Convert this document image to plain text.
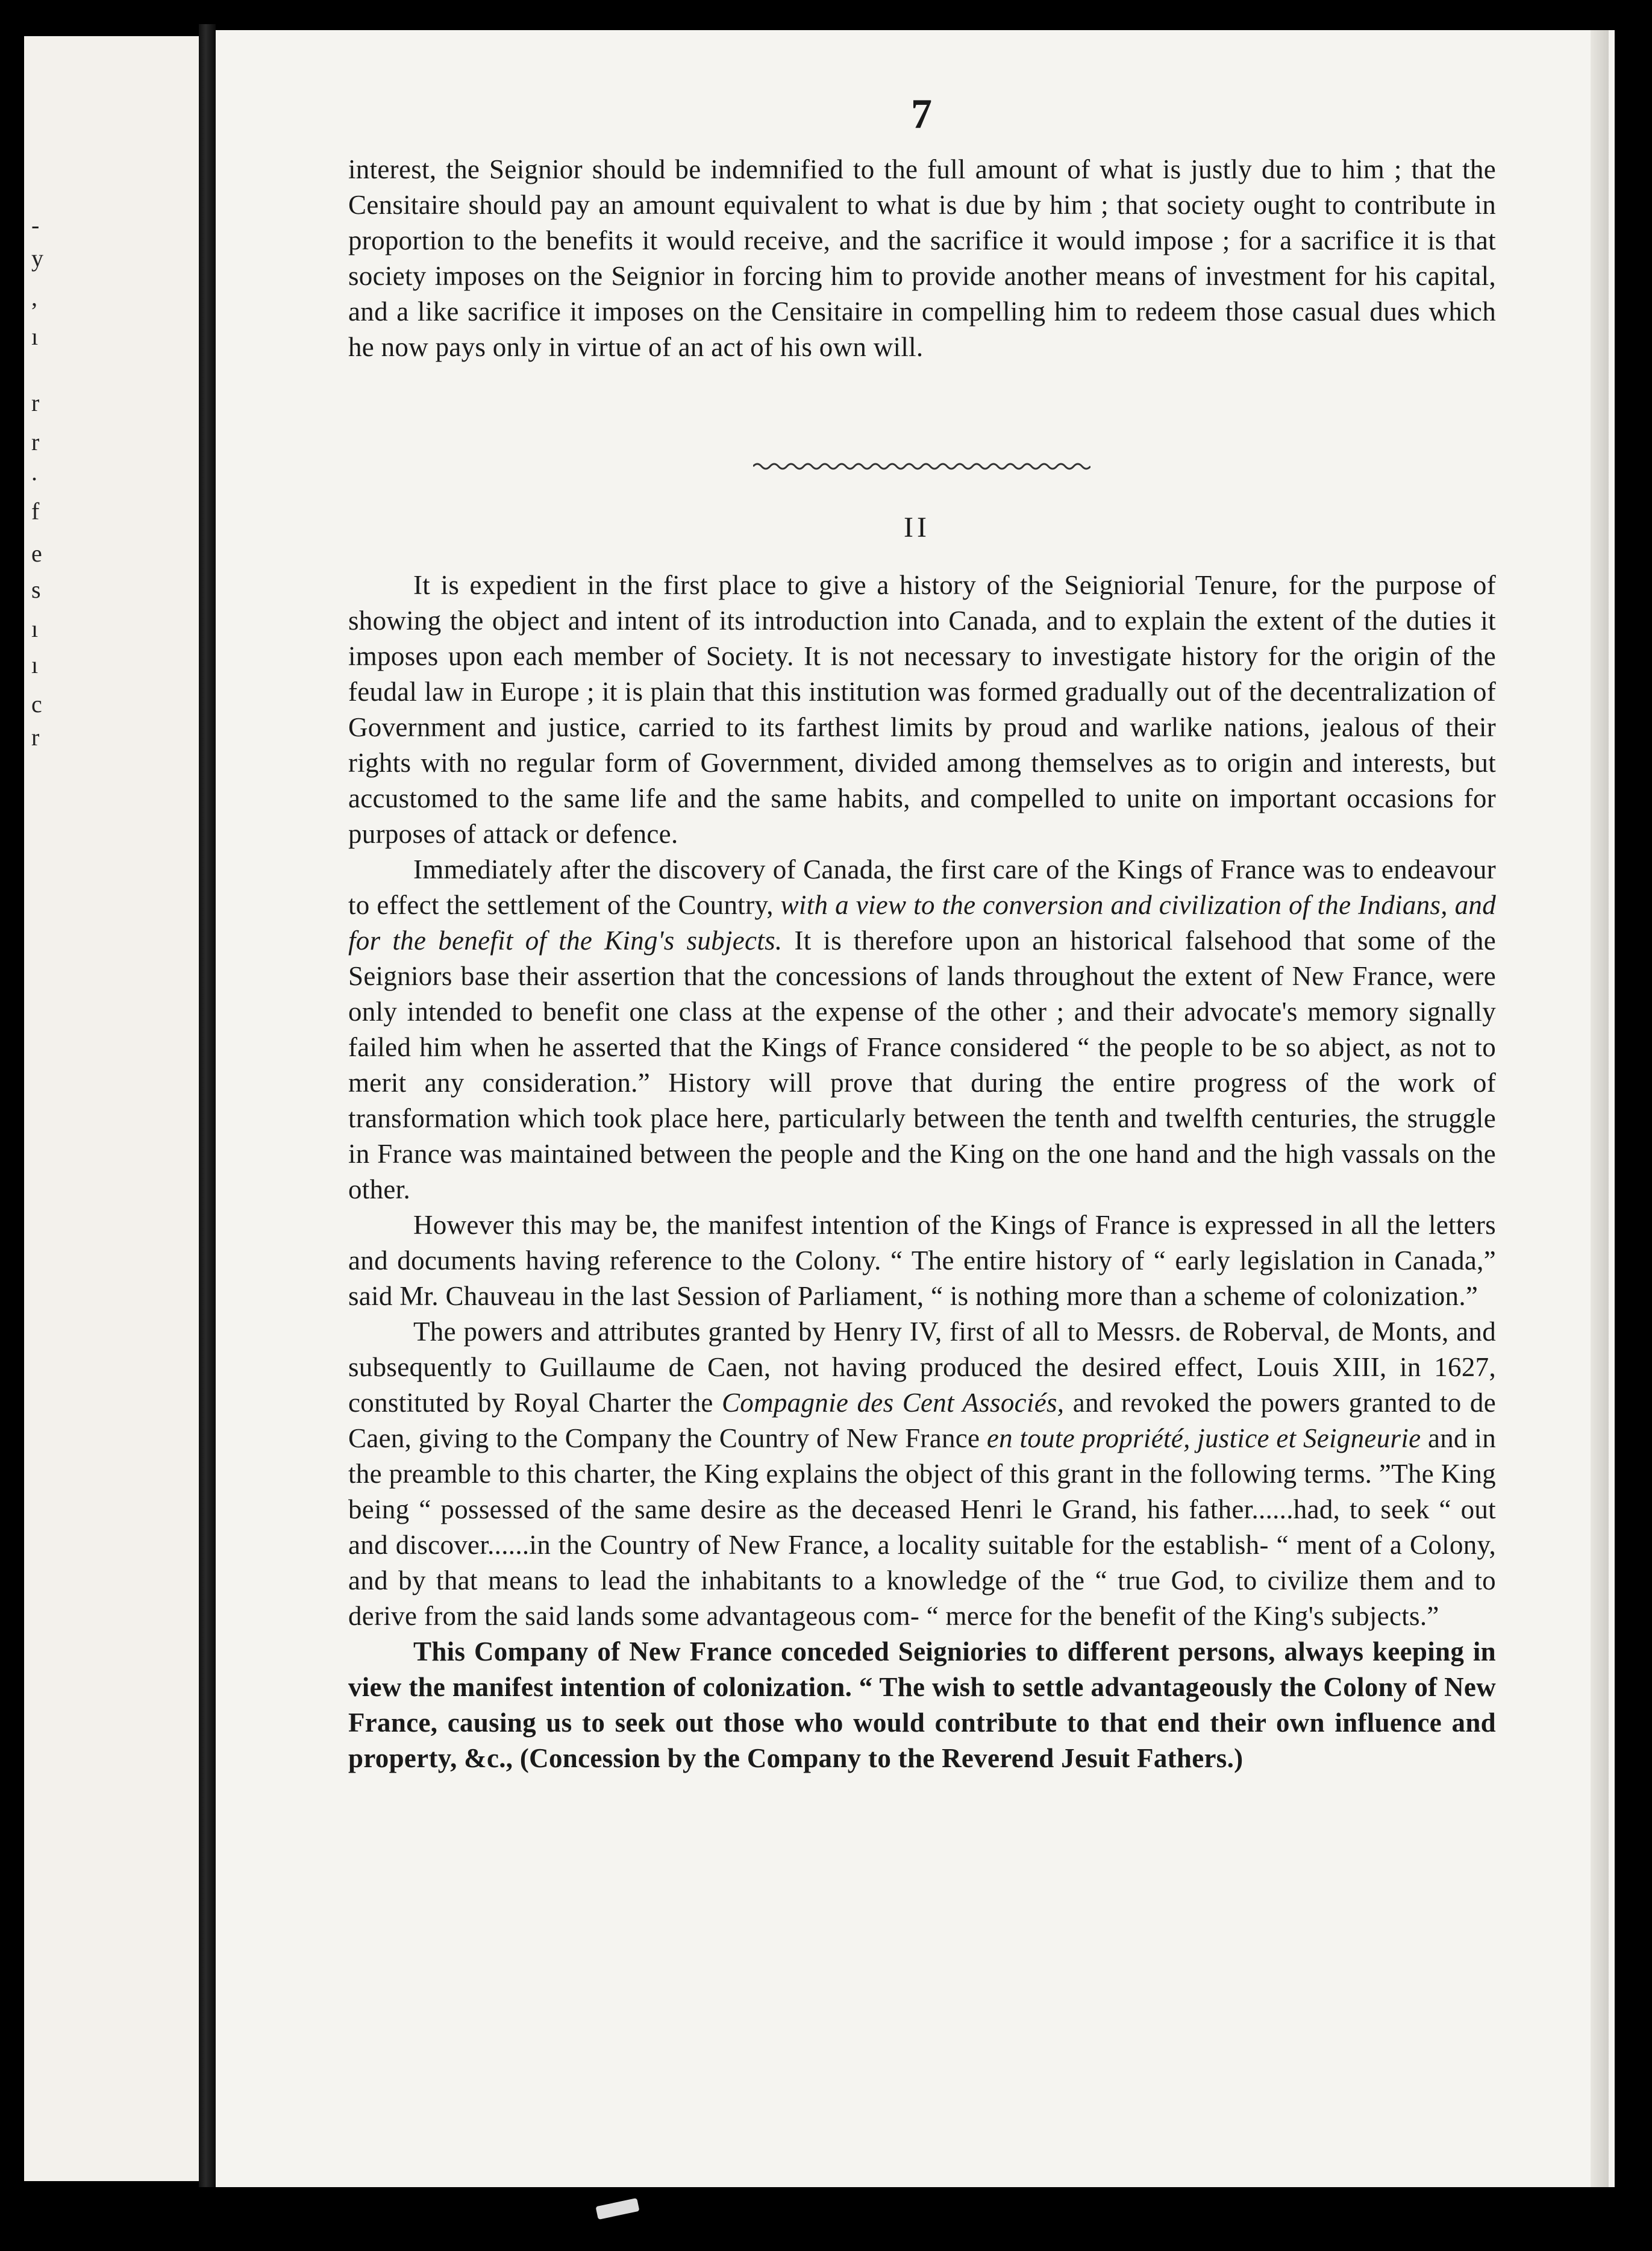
-
y
,
ı
r
r
.
f
e
s
ı
ı
c
r
7

interest, the Seignior should be indemnified to the full amount of what is justly due to him ; that the Censitaire should pay an amount equivalent to what is due by him ; that society ought to contribute in proportion to the benefits it would receive, and the sacrifice it would impose ; for a sacrifice it is that society imposes on the Seignior in forcing him to provide another means of investment for his capital, and a like sacrifice it imposes on the Censitaire in compelling him to redeem those casual dues which he now pays only in virtue of an act of his own will.

II

It is expedient in the first place to give a history of the Seigniorial Tenure, for the purpose of showing the object and intent of its introduction into Canada, and to explain the extent of the duties it imposes upon each member of Society. It is not necessary to investigate history for the origin of the feudal law in Europe ; it is plain that this institution was formed gradually out of the decentralization of Government and justice, carried to its farthest limits by proud and warlike nations, jealous of their rights with no regular form of Government, divided among themselves as to origin and interests, but accustomed to the same life and the same habits, and compelled to unite on important occasions for purposes of attack or defence.

Immediately after the discovery of Canada, the first care of the Kings of France was to endeavour to effect the settlement of the Country, with a view to the conversion and civilization of the Indians, and for the benefit of the King's subjects. It is therefore upon an historical falsehood that some of the Seigniors base their assertion that the concessions of lands throughout the extent of New France, were only intended to benefit one class at the expense of the other ; and their advocate's memory signally failed him when he asserted that the Kings of France considered “ the people to be so abject, as not to merit any consideration.” History will prove that during the entire progress of the work of transformation which took place here, particularly between the tenth and twelfth centuries, the struggle in France was maintained between the people and the King on the one hand and the high vassals on the other.

However this may be, the manifest intention of the Kings of France is expressed in all the letters and documents having reference to the Colony. “ The entire history of “ early legislation in Canada,” said Mr. Chauveau in the last Session of Parliament, “ is nothing more than a scheme of colonization.”

The powers and attributes granted by Henry IV, first of all to Messrs. de Roberval, de Monts, and subsequently to Guillaume de Caen, not having produced the desired effect, Louis XIII, in 1627, constituted by Royal Charter the Compagnie des Cent Associés, and revoked the powers granted to de Caen, giving to the Company the Country of New France en toute propriété, justice et Seigneurie and in the preamble to this charter, the King explains the object of this grant in the following terms. ”The King being “ possessed of the same desire as the deceased Henri le Grand, his father......had, to seek “ out and discover......in the Country of New France, a locality suitable for the establish- “ ment of a Colony, and by that means to lead the inhabitants to a knowledge of the “ true God, to civilize them and to derive from the said lands some advantageous com- “ merce for the benefit of the King's subjects.”

This Company of New France conceded Seigniories to different persons, always keeping in view the manifest intention of colonization. “ The wish to settle advantageously the Colony of New France, causing us to seek out those who would contribute to that end their own influence and property, &c., (Concession by the Company to the Reverend Jesuit Fathers.)
